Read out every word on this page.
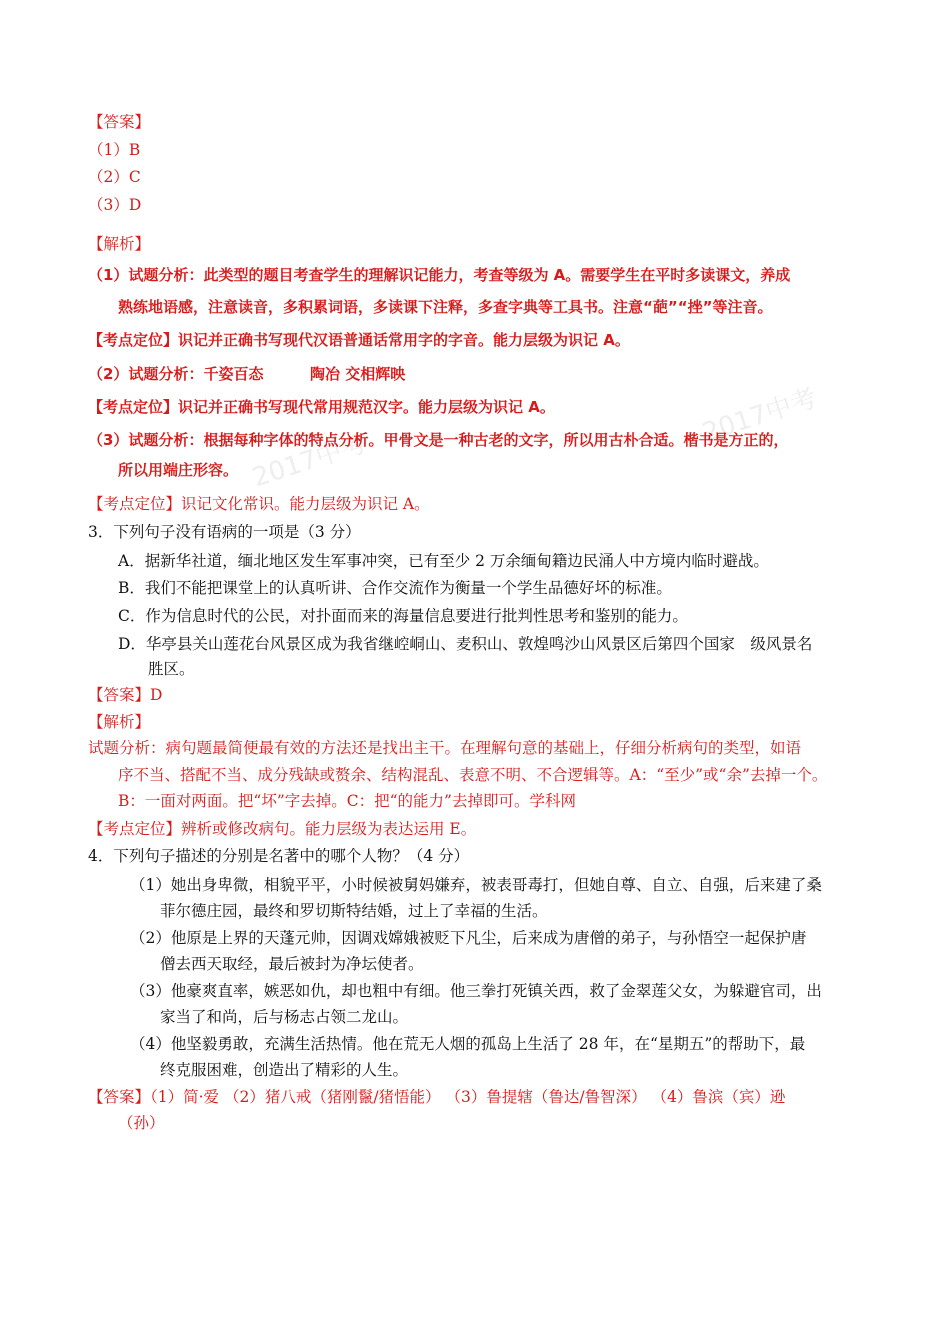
2017中考
2017中考
【答案】
（1）B
（2）C
（3）D
【解析】
（1）试题分析：此类型的题目考查学生的理解识记能力，考查等级为 A。需要学生在平时多读课文，养成
熟练地语感，注意读音，多积累词语，多读课下注释，多查字典等工具书。注意“葩”“挫”等注音。
【考点定位】识记并正确书写现代汉语普通话常用字的字音。能力层级为识记 A。
（2）试题分析：千姿百态	陶冶 交相辉映
【考点定位】识记并正确书写现代常用规范汉字。能力层级为识记 A。
（3）试题分析：根据每种字体的特点分析。甲骨文是一种古老的文字，所以用古朴合适。楷书是方正的，
所以用端庄形容。
【考点定位】识记文化常识。能力层级为识记 A。
3．下列句子没有语病的一项是（3 分）
A．据新华社道，缅北地区发生军事冲突，已有至少 2 万余缅甸籍边民涌人中方境内临时避战。
B．我们不能把课堂上的认真听讲、合作交流作为衡量一个学生品德好坏的标准。
C．作为信息时代的公民，对扑面而来的海量信息要进行批判性思考和鉴别的能力。
D．华亭县关山莲花台风景区成为我省继崆峒山、麦积山、敦煌鸣沙山风景区后第四个国家　级风景名
胜区。
【答案】D
【解析】
试题分析：病句题最简便最有效的方法还是找出主干。在理解句意的基础上，仔细分析病句的类型，如语
序不当、搭配不当、成分残缺或赘余、结构混乱、表意不明、不合逻辑等。A：“至少”或“余”去掉一个。
B：一面对两面。把“坏”字去掉。C：把“的能力”去掉即可。学科网
【考点定位】辨析或修改病句。能力层级为表达运用 E。
4．下列句子描述的分别是名著中的哪个人物？（4 分）
（1）她出身卑微，相貌平平，小时候被舅妈嫌弃，被表哥毒打，但她自尊、自立、自强，后来建了桑
菲尔德庄园，最终和罗切斯特结婚，过上了幸福的生活。
（2）他原是上界的天蓬元帅，因调戏嫦娥被贬下凡尘，后来成为唐僧的弟子，与孙悟空一起保护唐
僧去西天取经，最后被封为净坛使者。
（3）他豪爽直率，嫉恶如仇，却也粗中有细。他三拳打死镇关西，救了金翠莲父女，为躲避官司，出
家当了和尚，后与杨志占领二龙山。
（4）他坚毅勇敢，充满生活热情。他在荒无人烟的孤岛上生活了 28 年，在“星期五”的帮助下，最
终克服困难，创造出了精彩的人生。
【答案】（1）简·爱 （2）猪八戒（猪刚鬣/猪悟能） （3）鲁提辖（鲁达/鲁智深） （4）鲁滨（宾）逊
（孙）
